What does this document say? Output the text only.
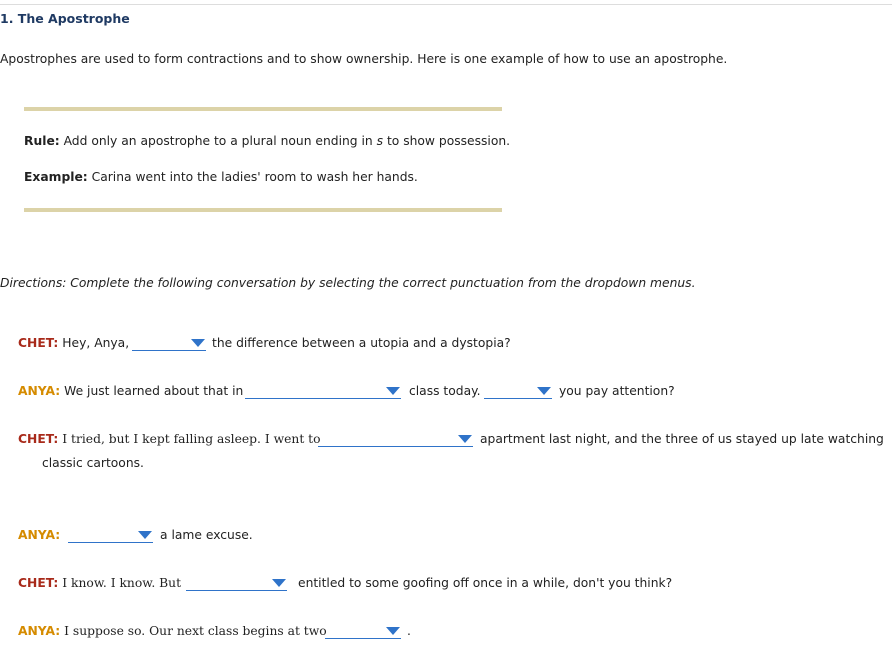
1. The Apostrophe
Apostrophes are used to form contractions and to show ownership. Here is one example of how to use an apostrophe.
Rule: Add only an apostrophe to a plural noun ending in s to show possession.
Example: Carina went into the ladies' room to wash her hands.
Directions: Complete the following conversation by selecting the correct punctuation from the dropdown menus.
CHET: Hey, Anya,	the difference between a utopia and a dystopia?
ANYA: We just learned about that in	class today.	you pay attention?
CHET: I tried, but I kept falling asleep. I went to	apartment last night, and the three of us stayed up late watching
classic cartoons.
ANYA:	a lame excuse.
CHET: I know. I know. But	entitled to some goofing off once in a while, don't you think?
ANYA: I suppose so. Our next class begins at two	.
